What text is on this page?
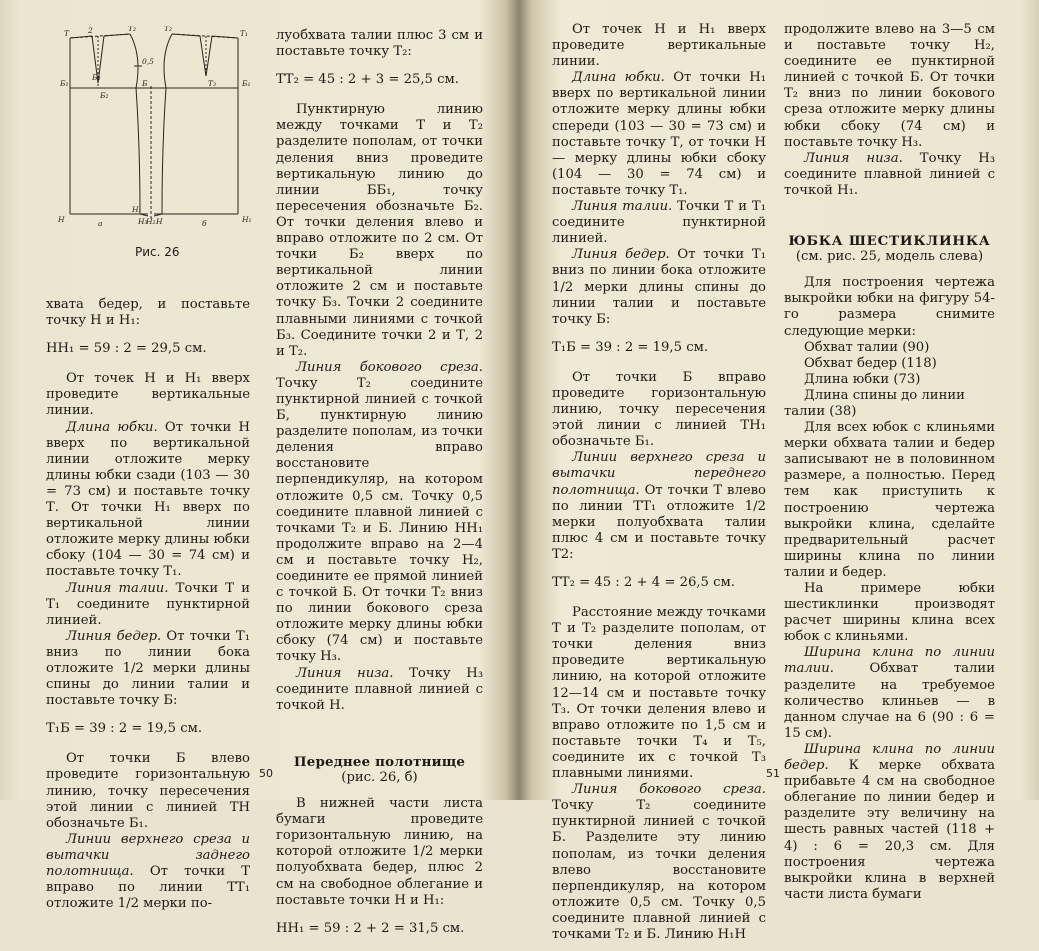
Т	2	Т₂
0,5
Б₁
Б₂
Б₃
Б
Н	а
Н₁
Н₃
Н₂ Н	б	Н₁
Б₁
Т₃
Т₁
Т₂
Рис. 26

хвата бедер, и поставьте точку Н и Н₁:

НН₁ = 59 : 2 = 29,5 см.

От точек Н и Н₁ вверх проведите вертикальные линии.

Длина юбки. От точки Н вверх по вертикальной линии отложите мерку длины юбки сзади (103 — 30 = 73 см) и поставьте точку Т. От точки Н₁ вверх по вертикальной линии отложите мерку длины юбки сбоку (104 — 30 = 74 см) и поставьте точку Т₁.

Линия талии. Точки Т и Т₁ соедините пунктирной линией.

Линия бедер. От точки Т₁ вниз по линии бока отложите 1/2 мерки длины спины до линии талии и поставьте точку Б:

Т₁Б = 39 : 2 = 19,5 см.

От точки Б влево проведите горизонтальную линию, точку пересечения этой линии с линией ТН обозначьте Б₁.

Линии верхнего среза и вытачки заднего полотнища. От точки Т вправо по линии ТТ₁ отложите 1/2 мерки по-

луобхвата талии плюс 3 см и поставьте точку Т₂:

ТТ₂ = 45 : 2 + 3 = 25,5 см.

Пунктирную линию между точками Т и Т₂ разделите пополам, от точки деления вниз проведите вертикальную линию до линии ББ₁, точку пересечения обозначьте Б₂. От точки деления влево и вправо отложите по 2 см. От точки Б₂ вверх по вертикальной линии отложите 2 см и поставьте точку Б₃. Точки 2 соедините плавными линиями с точкой Б₃. Соедините точки 2 и Т, 2 и Т₂.

Линия бокового среза. Точку Т₂ соедините пунктирной линией с точкой Б, пунктирную линию разделите пополам, из точки деления вправо восстановите перпендикуляр, на котором отложите 0,5 см. Точку 0,5 соедините плавной линией с точками Т₂ и Б. Линию НН₁ продолжите вправо на 2—4 см и поставьте точку Н₂, соедините ее прямой линией с точкой Б. От точки Т₂ вниз по линии бокового среза отложите мерку длины юбки сбоку (74 см) и поставьте точку Н₃.

Линия низа. Точку Н₃ соедините плавной линией с точкой Н.

Переднее полотнище

(рис. 26, б)

В нижней части листа бумаги проведите горизонтальную линию, на которой отложите 1/2 мерки полуобхвата бедер, плюс 2 см на свободное облегание и поставьте точки Н и Н₁:

НН₁ = 59 : 2 + 2 = 31,5 см.

50

От точек Н и Н₁ вверх проведите вертикальные линии.

Длина юбки. От точки Н₁ вверх по вертикальной линии отложите мерку длины юбки спереди (103 — 30 = 73 см) и поставьте точку Т, от точки Н — мерку длины юбки сбоку (104 — 30 = 74 см) и поставьте точку Т₁.

Линия талии. Точки Т и Т₁ соедините пунктирной линией.

Линия бедер. От точки Т₁ вниз по линии бока отложите 1/2 мерки длины спины до линии талии и поставьте точку Б:

Т₁Б = 39 : 2 = 19,5 см.

От точки Б вправо проведите горизонтальную линию, точку пересечения этой линии с линией ТН₁ обозначьте Б₁.

Линии верхнего среза и вытачки переднего полотнища. От точки Т влево по линии ТТ₁ отложите 1/2 мерки полуобхвата талии плюс 4 см и поставьте точку Т2:

ТТ₂ = 45 : 2 + 4 = 26,5 см.

Расстояние между точками Т и Т₂ разделите пополам, от точки деления вниз проведите вертикальную линию, на которой отложите 12—14 см и поставьте точку Т₃. От точки деления влево и вправо отложите по 1,5 см и поставьте точки Т₄ и Т₅, соедините их с точкой Т₃ плавными линиями.

Линия бокового среза. Точку Т₂ соедините пунктирной линией с точкой Б. Разделите эту линию пополам, из точки деления влево восстановите перпендикуляр, на котором отложите 0,5 см. Точку 0,5 соедините плавной линией с точками Т₂ и Б. Линию Н₁Н

продолжите влево на 3—5 см и поставьте точку Н₂, соедините ее пунктирной линией с точкой Б. От точки Т₂ вниз по линии бокового среза отложите мерку длины юбки сбоку (74 см) и поставьте точку Н₃.

Линия низа. Точку Н₃ соедините плавной линией с точкой Н₁.

ЮБКА ШЕСТИКЛИНКА

(см. рис. 25, модель слева)

Для построения чертежа выкройки юбки на фигуру 54-го размера снимите следующие мерки:

Обхват талии (90)

Обхват бедер (118)

Длина юбки (73)

Длина спины до линии талии (38)

Для всех юбок с клиньями мерки обхвата талии и бедер записывают не в половинном размере, а полностью. Перед тем как приступить к построению чертежа выкройки клина, сделайте предварительный расчет ширины клина по линии талии и бедер.

На примере юбки шестиклинки производят расчет ширины клина всех юбок с клиньями.

Ширина клина по линии талии. Обхват талии разделите на требуемое количество клиньев — в данном случае на 6 (90 : 6 = 15 см).

Ширина клина по линии бедер. К мерке обхвата прибавьте 4 см на свободное облегание по линии бедер и разделите эту величину на шесть равных частей (118 + 4) : 6 = 20,3 см. Для построения чертежа выкройки клина в верхней части листа бумаги

51
